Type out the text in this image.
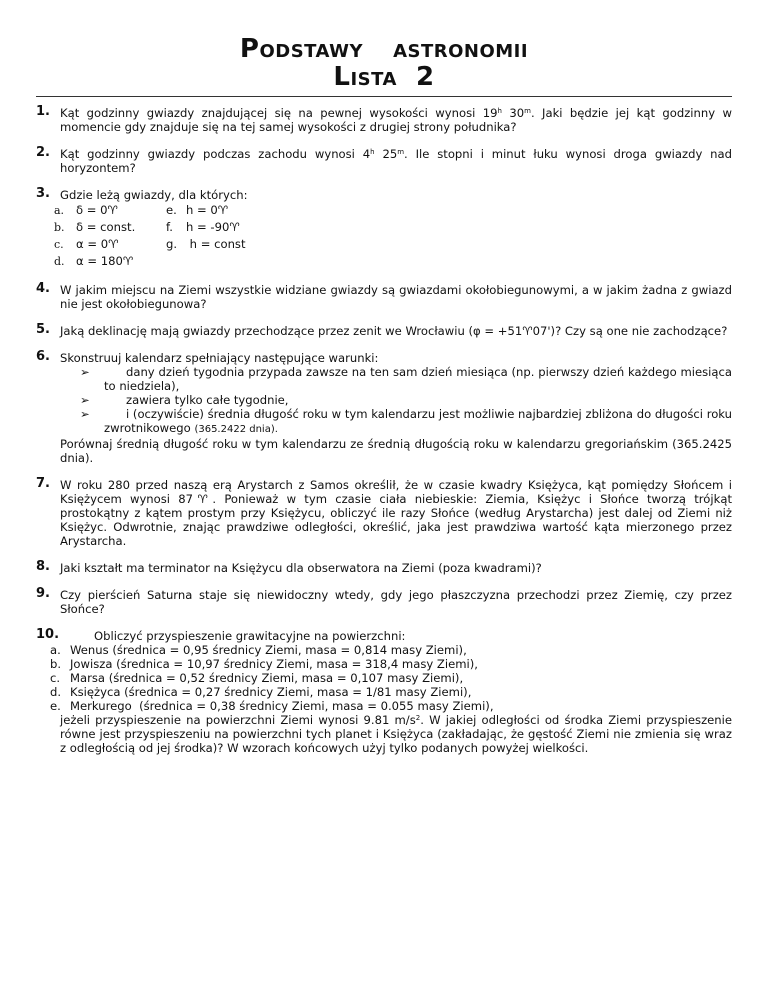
Podstawy astronomii
Lista 2
1. Kąt godzinny gwiazdy znajdującej się na pewnej wysokości wynosi 19$^h$ 30$^m$. Jaki będzie jej kąt godzinny w momencie gdy znajduje się na tej samej wysokości z drugiej strony południka?
2. Kąt godzinny gwiazdy podczas zachodu wynosi 4$^h$ 25$^m$. Ile stopni i minut łuku wynosi droga gwiazdy nad horyzontem?
3. Gdzie leżą gwiazdy, dla których:
a.	δ = 0♈	e. h = 0♈
b. δ = const.	f.	h = -90♈
c.	α = 0♈	g. h = const
d. α = 180♈
4. W jakim miejscu na Ziemi wszystkie widziane gwiazdy są gwiazdami okołobiegunowymi, a w jakim żadna z gwiazd nie jest okołobiegunowa?
5. Jaką deklinację mają gwiazdy przechodzące przez zenit we Wrocławiu (φ = +51♈07')? Czy są one nie zachodzące?
6. Skonstruuj kalendarz spełniający następujące warunki:
➢	dany dzień tygodnia przypada zawsze na ten sam dzień miesiąca (np. pierwszy dzień każdego miesiąca to niedziela),
➢	zawiera tylko całe tygodnie,
➢	i (oczywiście) średnia długość roku w tym kalendarzu jest możliwie najbardziej zbliżona do długości roku zwrotnikowego (365.2422 dnia).
Porównaj średnią długość roku w tym kalendarzu ze średnią długością roku w kalendarzu gregoriańskim (365.2425 dnia).
7. W roku 280 przed naszą erą Arystarch z Samos określił, że w czasie kwadry Księżyca, kąt pomiędzy Słońcem i Księżycem wynosi 87♈. Ponieważ w tym czasie ciała niebieskie: Ziemia, Księżyc i Słońce tworzą trójkąt prostokątny z kątem prostym przy Księżycu, obliczyć ile razy Słońce (według Arystarcha) jest dalej od Ziemi niż Księżyc. Odwrotnie, znając prawdziwe odległości, określić, jaka jest prawdziwa wartość kąta mierzonego przez Arystarcha.
8. Jaki kształt ma terminator na Księżycu dla obserwatora na Ziemi (poza kwadrami)?
9. Czy pierścień Saturna staje się niewidoczny wtedy, gdy jego płaszczyzna przechodzi przez Ziemię, czy przez Słońce?
10.	Obliczyć przyspieszenie grawitacyjne na powierzchni:
a. Wenus (średnica = 0,95 średnicy Ziemi, masa = 0,814 masy Ziemi),
b. Jowisza (średnica = 10,97 średnicy Ziemi, masa = 318,4 masy Ziemi),
c. Marsa (średnica = 0,52 średnicy Ziemi, masa = 0,107 masy Ziemi),
d. Księżyca (średnica = 0,27 średnicy Ziemi, masa = 1/81 masy Ziemi),
e. Merkurego  (średnica = 0,38 średnicy Ziemi, masa = 0.055 masy Ziemi),
jeżeli przyspieszenie na powierzchni Ziemi wynosi 9.81 $m/s^2$. W jakiej odległości od środka Ziemi przyspieszenie równe jest przyspieszeniu na powierzchni tych planet i Księżyca (zakładając, że gęstość Ziemi nie zmienia się wraz z odległością od jej środka)? W wzorach końcowych użyj tylko podanych powyżej wielkości.
